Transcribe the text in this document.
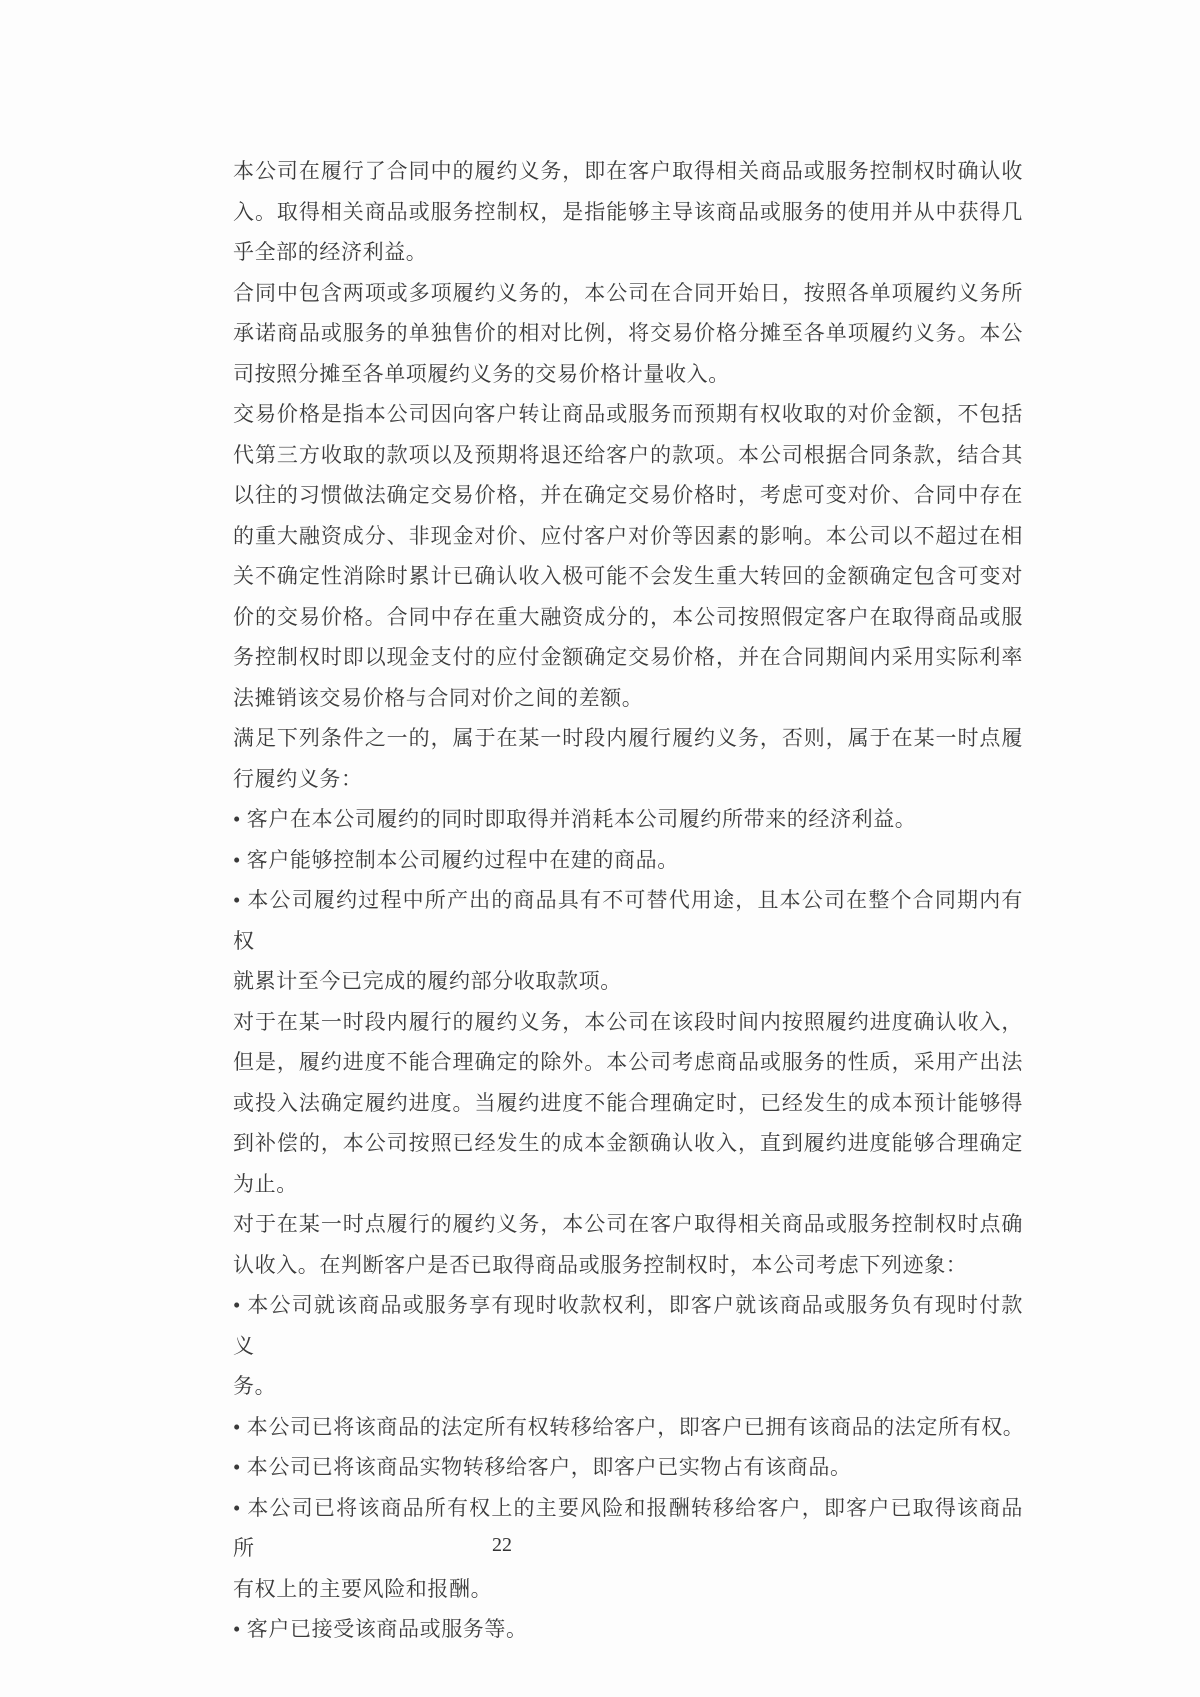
本公司在履行了合同中的履约义务，即在客户取得相关商品或服务控制权时确认收
入。取得相关商品或服务控制权，是指能够主导该商品或服务的使用并从中获得几
乎全部的经济利益。
合同中包含两项或多项履约义务的，本公司在合同开始日，按照各单项履约义务所
承诺商品或服务的单独售价的相对比例，将交易价格分摊至各单项履约义务。本公
司按照分摊至各单项履约义务的交易价格计量收入。
交易价格是指本公司因向客户转让商品或服务而预期有权收取的对价金额，不包括
代第三方收取的款项以及预期将退还给客户的款项。本公司根据合同条款，结合其
以往的习惯做法确定交易价格，并在确定交易价格时，考虑可变对价、合同中存在
的重大融资成分、非现金对价、应付客户对价等因素的影响。本公司以不超过在相
关不确定性消除时累计已确认收入极可能不会发生重大转回的金额确定包含可变对
价的交易价格。合同中存在重大融资成分的，本公司按照假定客户在取得商品或服
务控制权时即以现金支付的应付金额确定交易价格，并在合同期间内采用实际利率
法摊销该交易价格与合同对价之间的差额。
满足下列条件之一的，属于在某一时段内履行履约义务，否则，属于在某一时点履
行履约义务：
• 客户在本公司履约的同时即取得并消耗本公司履约所带来的经济利益。
• 客户能够控制本公司履约过程中在建的商品。
• 本公司履约过程中所产出的商品具有不可替代用途，且本公司在整个合同期内有权
就累计至今已完成的履约部分收取款项。
对于在某一时段内履行的履约义务，本公司在该段时间内按照履约进度确认收入，
但是，履约进度不能合理确定的除外。本公司考虑商品或服务的性质，采用产出法
或投入法确定履约进度。当履约进度不能合理确定时，已经发生的成本预计能够得
到补偿的，本公司按照已经发生的成本金额确认收入，直到履约进度能够合理确定
为止。
对于在某一时点履行的履约义务，本公司在客户取得相关商品或服务控制权时点确
认收入。在判断客户是否已取得商品或服务控制权时，本公司考虑下列迹象：
• 本公司就该商品或服务享有现时收款权利，即客户就该商品或服务负有现时付款义
务。
• 本公司已将该商品的法定所有权转移给客户，即客户已拥有该商品的法定所有权。
• 本公司已将该商品实物转移给客户，即客户已实物占有该商品。
• 本公司已将该商品所有权上的主要风险和报酬转移给客户，即客户已取得该商品所
有权上的主要风险和报酬。
• 客户已接受该商品或服务等。
22
